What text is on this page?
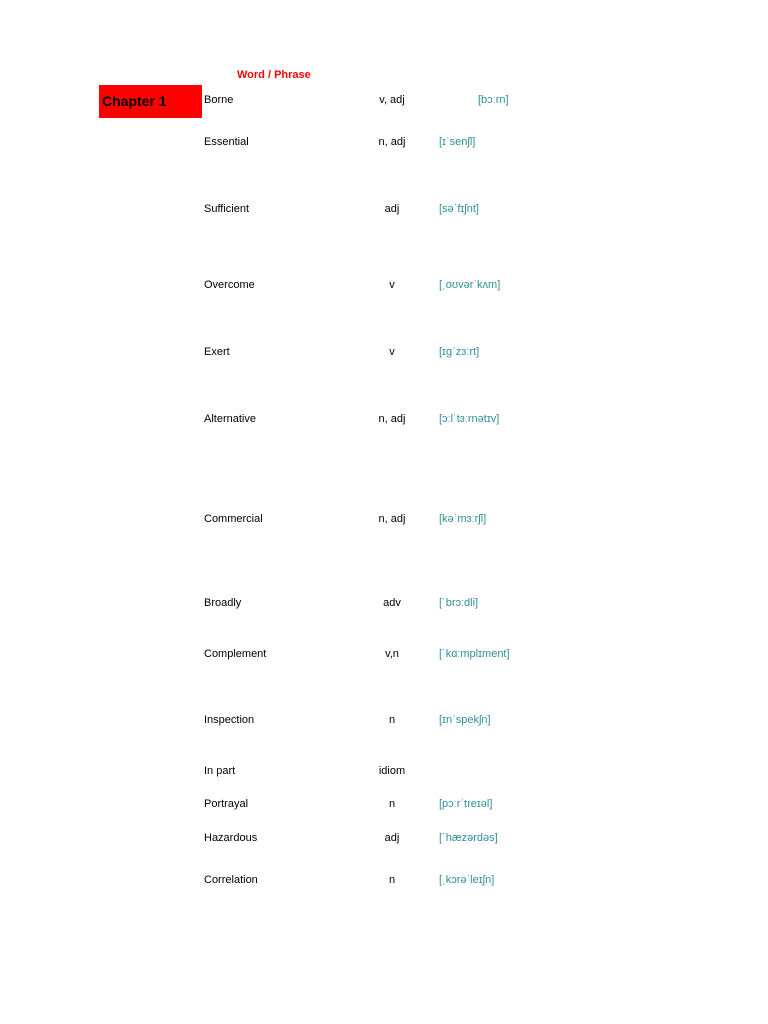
Word / Phrase
Chapter 1	Borne	v, adj	[bɔːrn]
Essential	n, adj	[ɪˈsenʃl]
Sufficient	adj	[səˈfɪʃnt]
Overcome	v	[ˌoʊvərˈkʌm]
Exert	v	[ɪɡˈzɜːrt]
Alternative	n, adj	[ɔːlˈtɜːrnətɪv]
Commercial	n, adj	[kəˈmɜːrʃl]
Broadly	adv	[ˈbrɔːdli]
Complement	v,n	[ˈkɑːmplɪment]
Inspection	n	[ɪnˈspekʃn]
In part	idiom
Portrayal	n	[pɔːrˈtreɪəl]
Hazardous	adj	[ˈhæzərdəs]
Correlation	n	[ˌkɔrəˈleɪʃn]
